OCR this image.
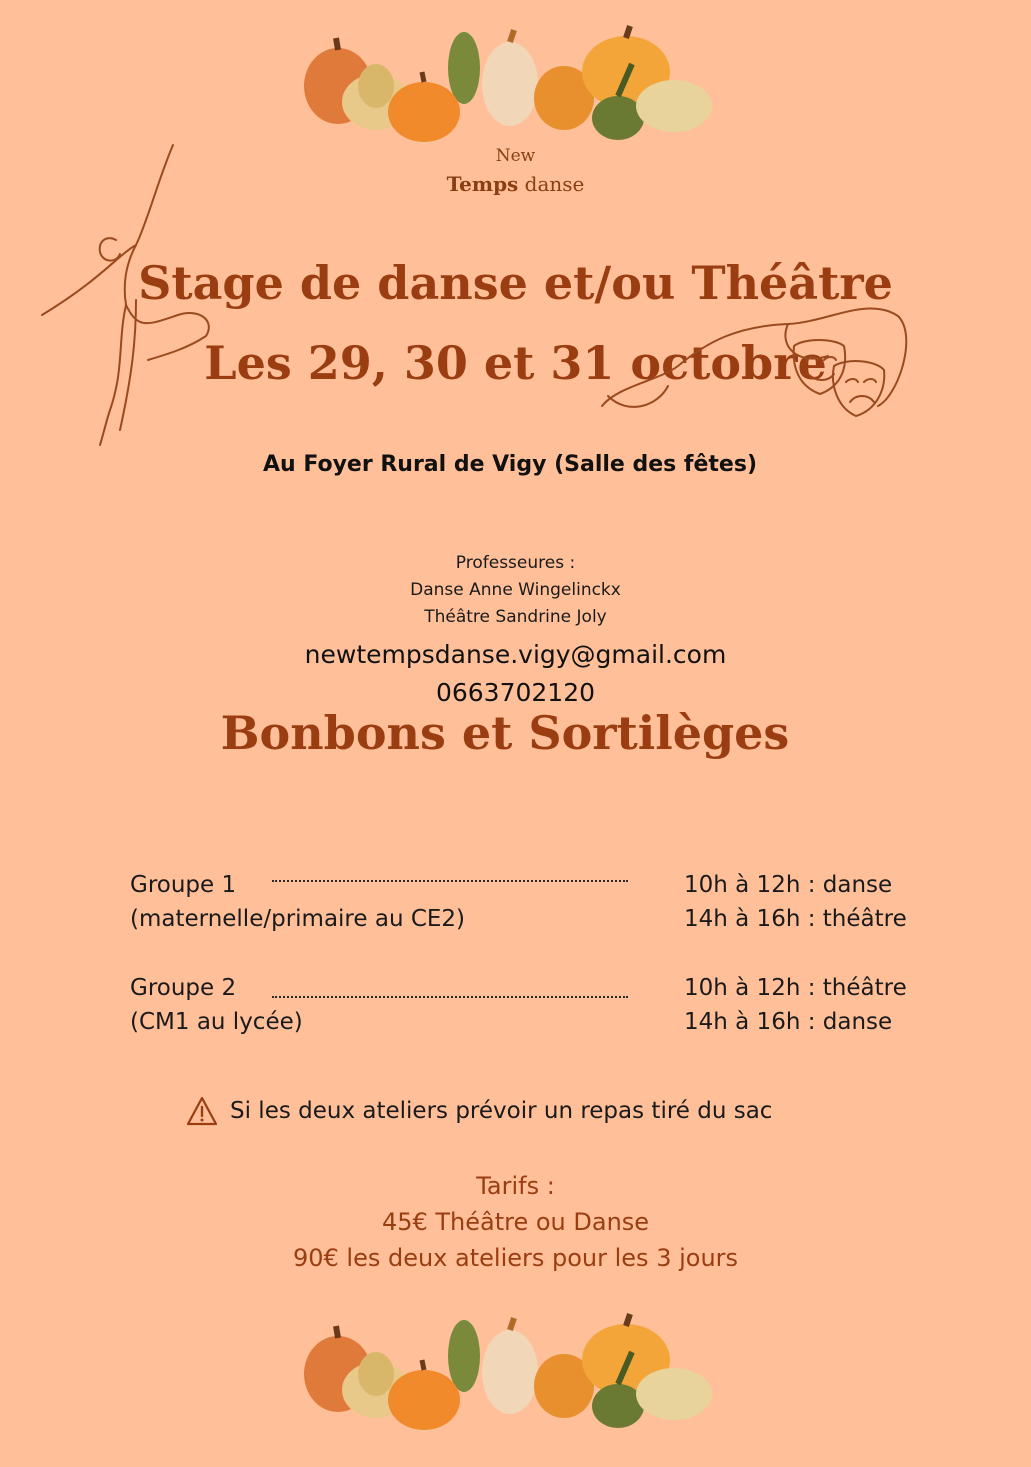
New
Temps danse
Stage de danse et/ou Théâtre
Les 29, 30 et 31 octobre
Au Foyer Rural de Vigy (Salle des fêtes)
Professeures :
Danse Anne Wingelinckx
Théâtre Sandrine Joly
newtempsdanse.vigy@gmail.com
0663702120
Bonbons et Sortilèges
Groupe 1
(maternelle/primaire au CE2)
10h à 12h : danse
14h à 16h : théâtre
Groupe 2
(CM1 au lycée)
10h à 12h : théâtre
14h à 16h : danse
Si les deux ateliers prévoir un repas tiré du sac
Tarifs :
45€ Théâtre ou Danse
90€ les deux ateliers pour les 3 jours
